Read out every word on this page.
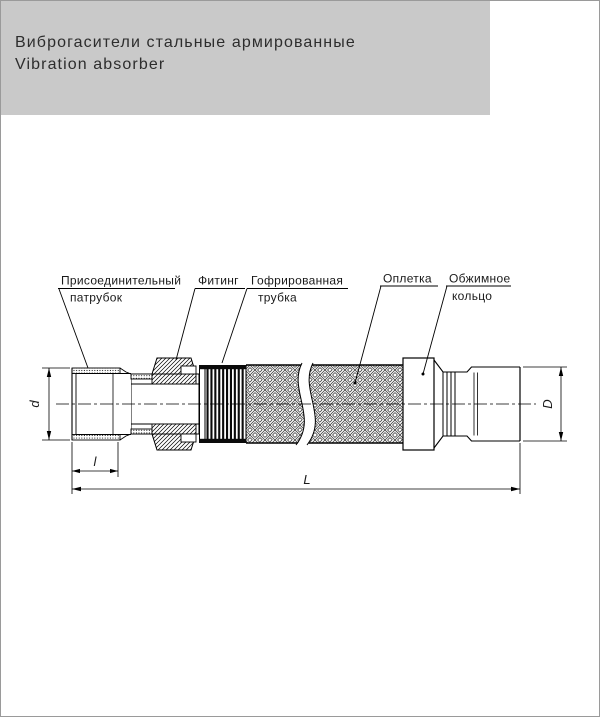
Виброгасители стальные армированные
Vibration absorber
d
l
L
D
Присоединительный
патрубок
Фитинг Гофрированная
трубка
Оплетка Обжимное
кольцо
